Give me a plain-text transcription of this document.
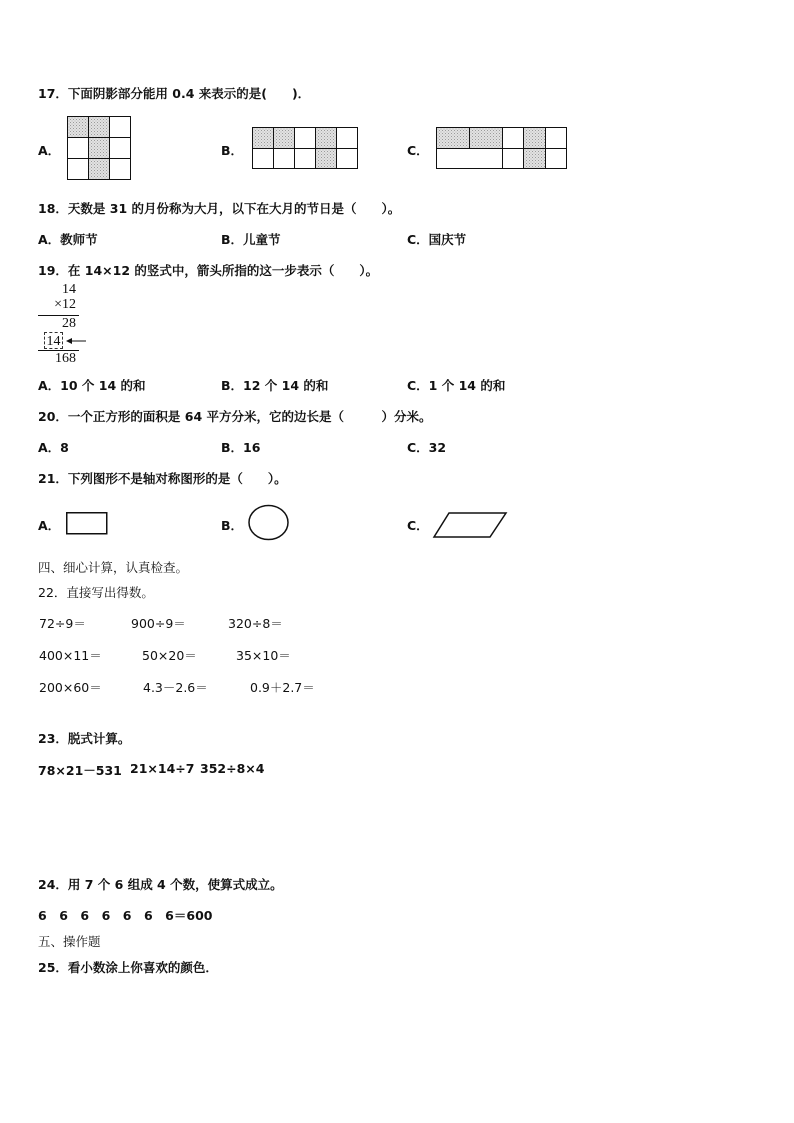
17．下面阴影部分能用 0.4 来表示的是(　　)．
A．	B．	C．
18．天数是 31 的月份称为大月，以下在大月的节日是（　　）。
A．教师节	B．儿童节	C．国庆节
19．在 14×12 的竖式中，箭头所指的这一步表示（　　）。
14
×12
28
14
168
A．10 个 14 的和	B．12 个 14 的和	C．1 个 14 的和
20．一个正方形的面积是 64 平方分米，它的边长是（　　　）分米。
A．8	B．16	C．32
21．下列图形不是轴对称图形的是（　　）。
A．	B．	C．
四、细心计算，认真检查。
22．直接写出得数。
72÷9＝	900÷9＝	320÷8＝
400×11＝	50×20＝	35×10＝
200×60＝	4.3－2.6＝	0.9＋2.7＝
23．脱式计算。
78×21－531 21×14÷7 352÷8×4
24．用 7 个 6 组成 4 个数，使算式成立。
6　6　6　6　6　6　6＝600
五、操作题
25．看小数涂上你喜欢的颜色．
